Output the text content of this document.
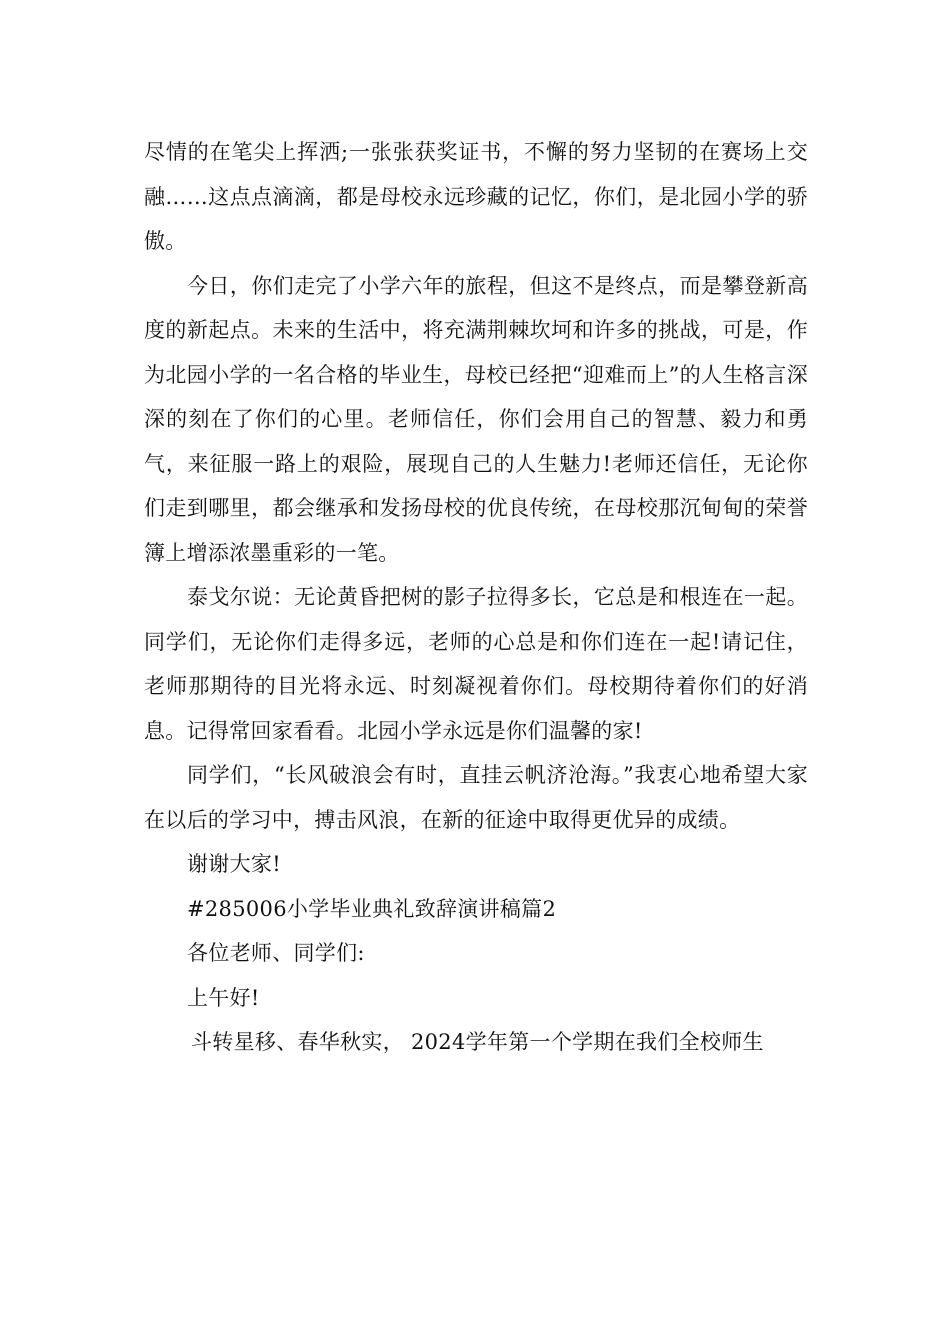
尽情的在笔尖上挥洒;一张张获奖证书，不懈的努力坚韧的在赛场上交融……这点点滴滴，都是母校永远珍藏的记忆，你们，是北园小学的骄傲。

今日，你们走完了小学六年的旅程，但这不是终点，而是攀登新高度的新起点。未来的生活中，将充满荆棘坎坷和许多的挑战，可是，作为北园小学的一名合格的毕业生，母校已经把“迎难而上”的人生格言深深的刻在了你们的心里。老师信任，你们会用自己的智慧、毅力和勇气，来征服一路上的艰险，展现自己的人生魅力!老师还信任，无论你们走到哪里，都会继承和发扬母校的优良传统，在母校那沉甸甸的荣誉簿上增添浓墨重彩的一笔。

泰戈尔说：无论黄昏把树的影子拉得多长，它总是和根连在一起。同学们，无论你们走得多远，老师的心总是和你们连在一起!请记住，老师那期待的目光将永远、时刻凝视着你们。母校期待着你们的好消息。记得常回家看看。北园小学永远是你们温馨的家!

同学们，“长风破浪会有时，直挂云帆济沧海。”我衷心地希望大家在以后的学习中，搏击风浪，在新的征途中取得更优异的成绩。

谢谢大家!

#285006小学毕业典礼致辞演讲稿篇2

各位老师、同学们:

上午好!

斗转星移、春华秋实， 2024学年第一个学期在我们全校师生
